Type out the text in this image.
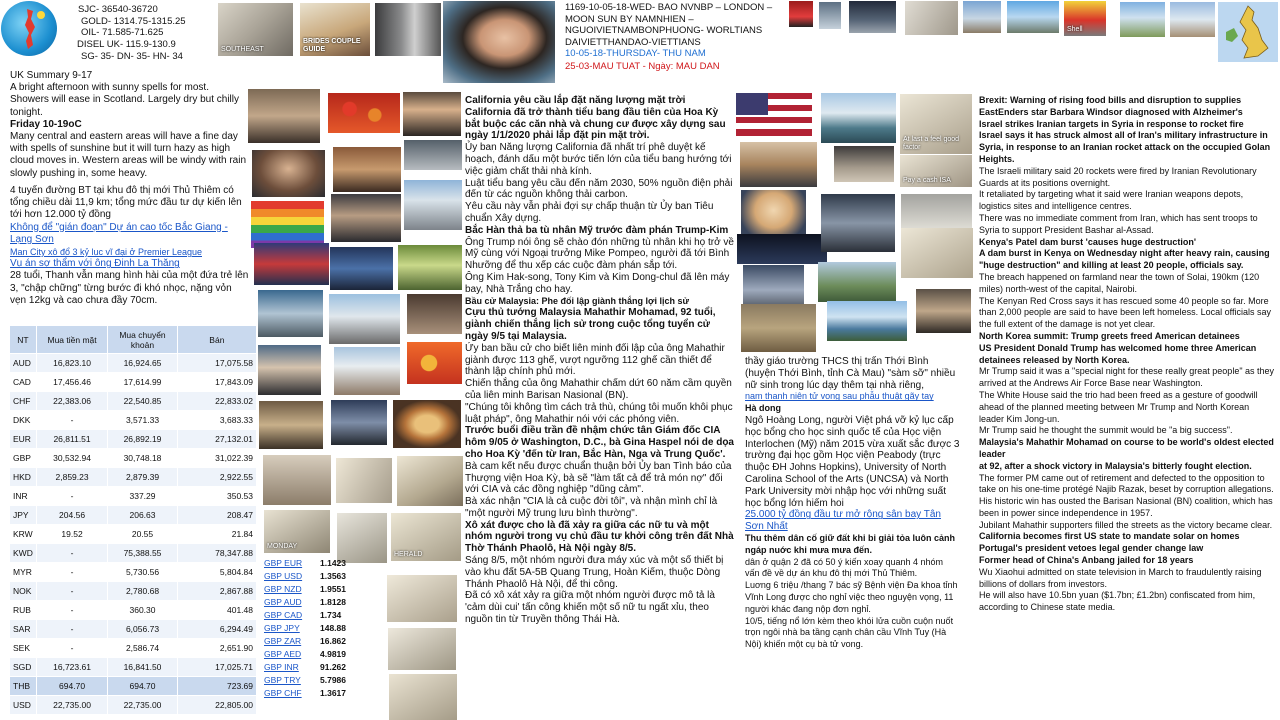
SJC- 36540-36720
GOLD- 1314.75-1315.25
OIL- 71.585-71.625
DISEL UK- 115.9-130.9
SG- 35- DN- 35- HN- 34
SOUTHEAST
BRIDES COUPLE GUIDE
1169-10-05-18-WED- BAO NVNBP – LONDON –
MOON SUN BY NAMNHIEN –
NGUOIVIETNAMBONPHUONG- WORLTIANS
DAIVIETTHANDAO-VIETTIANS
10-05-18-THURSDAY- THU NAM
25-03-MAU TUAT - Ngày: MAU DAN
Shell
UK Summary 9-17
A bright afternoon with sunny spells for most. Showers will ease in Scotland. Largely dry but chilly tonight.
Friday 10-19oC
Many central and eastern areas will have a fine day with spells of sunshine but it will turn hazy as high cloud moves in. Western areas will be windy with rain slowly pushing in, some heavy.
4 tuyến đường BT tại khu đô thị mới Thủ Thiêm có tổng chiều dài 11,9 km; tổng mức đầu tư dự kiến lên tới hơn 12.000 tỷ đồng
Không để "gián đoạn" Dự án cao tốc Bắc Giang - Lạng Sơn
Man City xô đổ 3 kỷ lục vĩ đại ở Premier League
Vụ án sợ thẩm với ông Đinh La Thăng
28 tuổi, Thanh vẫn mang hình hài của một đứa trẻ lên 3, "chập chững" từng bước đi khó nhọc, nặng vỏn vẹn 12kg và cao chưa đầy 70cm.
NT	Mua tiền mặt	Mua chuyển khoản	Bán
AUD	16,823.10	16,924.65	17,075.58
CAD	17,456.46	17,614.99	17,843.09
CHF	22,383.06	22,540.85	22,833.02
DKK	-	3,571.33	3,683.33
EUR	26,811.51	26,892.19	27,132.01
GBP	30,532.94	30,748.18	31,022.39
HKD	2,859.23	2,879.39	2,922.55
INR	-	337.29	350.53
JPY	204.56	206.63	208.47
KRW	19.52	20.55	21.84
KWD	-	75,388.55	78,347.88
MYR	-	5,730.56	5,804.84
NOK	-	2,780.68	2,867.88
RUB	-	360.30	401.48
SAR	-	6,056.73	6,294.49
SEK	-	2,586.74	2,651.90
SGD	16,723.61	16,841.50	17,025.71
THB	694.70	694.70	723.69
USD	22,735.00	22,735.00	22,805.00
MONDAY
HERALD
GBP EUR	1.1423
GBP USD	1.3563
GBP NZD	1.9551
GBP AUD	1.8128
GBP CAD	1.734
GBP JPY	148.88
GBP ZAR	16.862
GBP AED	4.9819
GBP INR	91.262
GBP TRY	5.7986
GBP CHF	1.3617
California yêu cầu lắp đặt năng lượng mặt trời
California đã trở thành tiểu bang đầu tiên của Hoa Kỳ bắt buộc các căn nhà và chung cư được xây dựng sau ngày 1/1/2020 phải lắp đặt pin mặt trời.
Ủy ban Năng lượng California đã nhất trí phê duyệt kế hoạch, đánh dấu một bước tiến lớn của tiểu bang hướng tới việc giảm chất thải nhà kính.
Luật tiểu bang yêu cầu đến năm 2030, 50% nguồn điện phải đến từ các nguồn không thải carbon.
Yêu cầu này vẫn phải đợi sự chấp thuận từ Ủy ban Tiêu chuẩn Xây dựng.
Bắc Hàn thả ba tù nhân Mỹ trước đàm phán Trump-Kim Ông Trump nói ông sẽ chào đón những tù nhân khi họ trở về Mỹ cùng với Ngoại trưởng Mike Pompeo, người đã tới Bình Nhưỡng để thu xếp các cuộc đàm phán sắp tới.
Ông Kim Hak-song, Tony Kim và Kim Dong-chul đã lên máy bay, Nhà Trắng cho hay.
Bầu cử Malaysia: Phe đối lập giành thắng lợi lịch sử
Cựu thủ tướng Malaysia Mahathir Mohamad, 92 tuổi, giành chiến thắng lịch sử trong cuộc tổng tuyển cử ngày 9/5 tại Malaysia.
Ứy ban bầu cử cho biết liên minh đối lập của ông Mahathir giành được 113 ghế, vượt ngưỡng 112 ghế cần thiết để thành lập chính phủ mới.
Chiến thắng của ông Mahathir chấm dứt 60 năm cầm quyền của liên minh Barisan Nasional (BN).
"Chúng tôi không tìm cách trả thù, chúng tôi muốn khôi phục luật pháp", ông Mahathir nói với các phóng viên.
Trước buổi điều trần đề nhậm chức tân Giám đốc CIA hôm 9/05 ở Washington, D.C., bà Gina Haspel nói de dọa cho Hoa Kỳ 'đến từ Iran, Bắc Hàn, Nga và Trung Quốc'.
Bà cam kết nếu được chuẩn thuận bởi Ủy ban Tình báo của Thượng viện Hoa Kỳ, bà sẽ "làm tất cả để trả món nợ" đối với CIA và các đồng nghiệp "dũng cảm".
Bà xác nhận "CIA là cả cuộc đời tôi", và nhận mình chỉ là "một người Mỹ trung lưu bình thường".
Xô xát được cho là đã xảy ra giữa các nữ tu và một nhóm người trong vụ chủ đầu tư khởi công trên đất Nhà Thờ Thánh Phaolô, Hà Nội ngày 8/5.
Sáng 8/5, một nhóm người đưa máy xúc và một số thiết bị vào khu đất 5A-5B Quang Trung, Hoàn Kiếm, thuộc Dòng Thánh Phaolô Hà Nội, để thi công.
Đã có xô xát xảy ra giữa một nhóm người được mô tả là 'cảm dùi cui' tấn công khiến một số nữ tu ngất xỉu, theo nguồn tin từ Truyền thông Thái Hà.
At last a feel good factor
Pay a cash ISA
thầy giáo trường THCS thị trấn Thới Bình (huyện Thới Bình, tỉnh Cà Mau) "sàm sỡ" nhiều nữ sinh trong lúc dạy thêm tại nhà riêng,
nam thanh niên tử vong sau phẫu thuật gãy tay
Hà dong
Ngô Hoàng Long, người Việt phá vỡ kỷ lục cấp học bổng cho học sinh quốc tế của Học viện Interlochen (Mỹ) năm 2015 vừa xuất sắc được 3 trường đại học gồm Học viện Peabody (trực thuộc ĐH Johns Hopkins), University of North Carolina School of the Arts (UNCSA) và North Park University mời nhập học với những suất học bổng lớn hiếm hoi
25.000 tỷ đồng đầu tư mở rộng sân bay Tân Sơn Nhất
Thu thêm dân cố giữ đất khi bi giải tỏa luôn cảnh ngáp nuớc khi mưa mưa đến.
dân ở quận 2 đã có 50 ý kiến xoay quanh 4 nhóm vấn đề về dự án khu đô thị mới Thủ Thiêm.
Luơng 6 triệu /thang 7 bác sỹ Bệnh viện Đa khoa tỉnh Vĩnh Long được cho nghỉ việc theo nguyện vọng, 11 người khác đang nộp đơn nghỉ.
10/5, tiếng nổ lớn kèm theo khói lửa cuồn cuộn nuốt trọn ngôi nhà ba tầng cạnh chân cầu Vĩnh Tuy (Hà Nội) khiến một cụ bà tử vong.
Brexit: Warning of rising food bills and disruption to supplies
EastEnders star Barbara Windsor diagnosed with Alzheimer's
Israel strikes Iranian targets in Syria in response to rocket fire
Israel says it has struck almost all of Iran's military infrastructure in Syria, in response to an Iranian rocket attack on the occupied Golan Heights.
The Israeli military said 20 rockets were fired by Iranian Revolutionary Guards at its positions overnight.
It retaliated by targeting what it said were Iranian weapons depots, logistics sites and intelligence centres.
There was no immediate comment from Iran, which has sent troops to Syria to support President Bashar al-Assad.
Kenya's Patel dam burst 'causes huge destruction'
A dam burst in Kenya on Wednesday night after heavy rain, causing "huge destruction" and killing at least 20 people, officials say.
The breach happened on farmland near the town of Solai, 190km (120 miles) north-west of the capital, Nairobi.
The Kenyan Red Cross says it has rescued some 40 people so far. More than 2,000 people are said to have been left homeless. Local officials say the full extent of the damage is not yet clear.
North Korea summit: Trump greets freed American detainees
US President Donald Trump has welcomed home three American detainees released by North Korea.
Mr Trump said it was a "special night for these really great people" as they arrived at the Andrews Air Force Base near Washington.
The White House said the trio had been freed as a gesture of goodwill ahead of the planned meeting between Mr Trump and North Korean leader Kim Jong-un.
Mr Trump said he thought the summit would be "a big success".
Malaysia's Mahathir Mohamad on course to be world's oldest elected leader
at 92, after a shock victory in Malaysia's bitterly fought election.
The former PM came out of retirement and defected to the opposition to take on his one-time protégé Najib Razak, beset by corruption allegations.
His historic win has ousted the Barisan Nasional (BN) coalition, which has been in power since independence in 1957.
Jubilant Mahathir supporters filled the streets as the victory became clear.
California becomes first US state to mandate solar on homes
Portugal's president vetoes legal gender change law
Former head of China's Anbang jailed for 18 years
Wu Xiaohui admitted on state television in March to fraudulently raising billions of dollars from investors.
He will also have 10.5bn yuan ($1.7bn; £1.2bn) confiscated from him, according to Chinese state media.
